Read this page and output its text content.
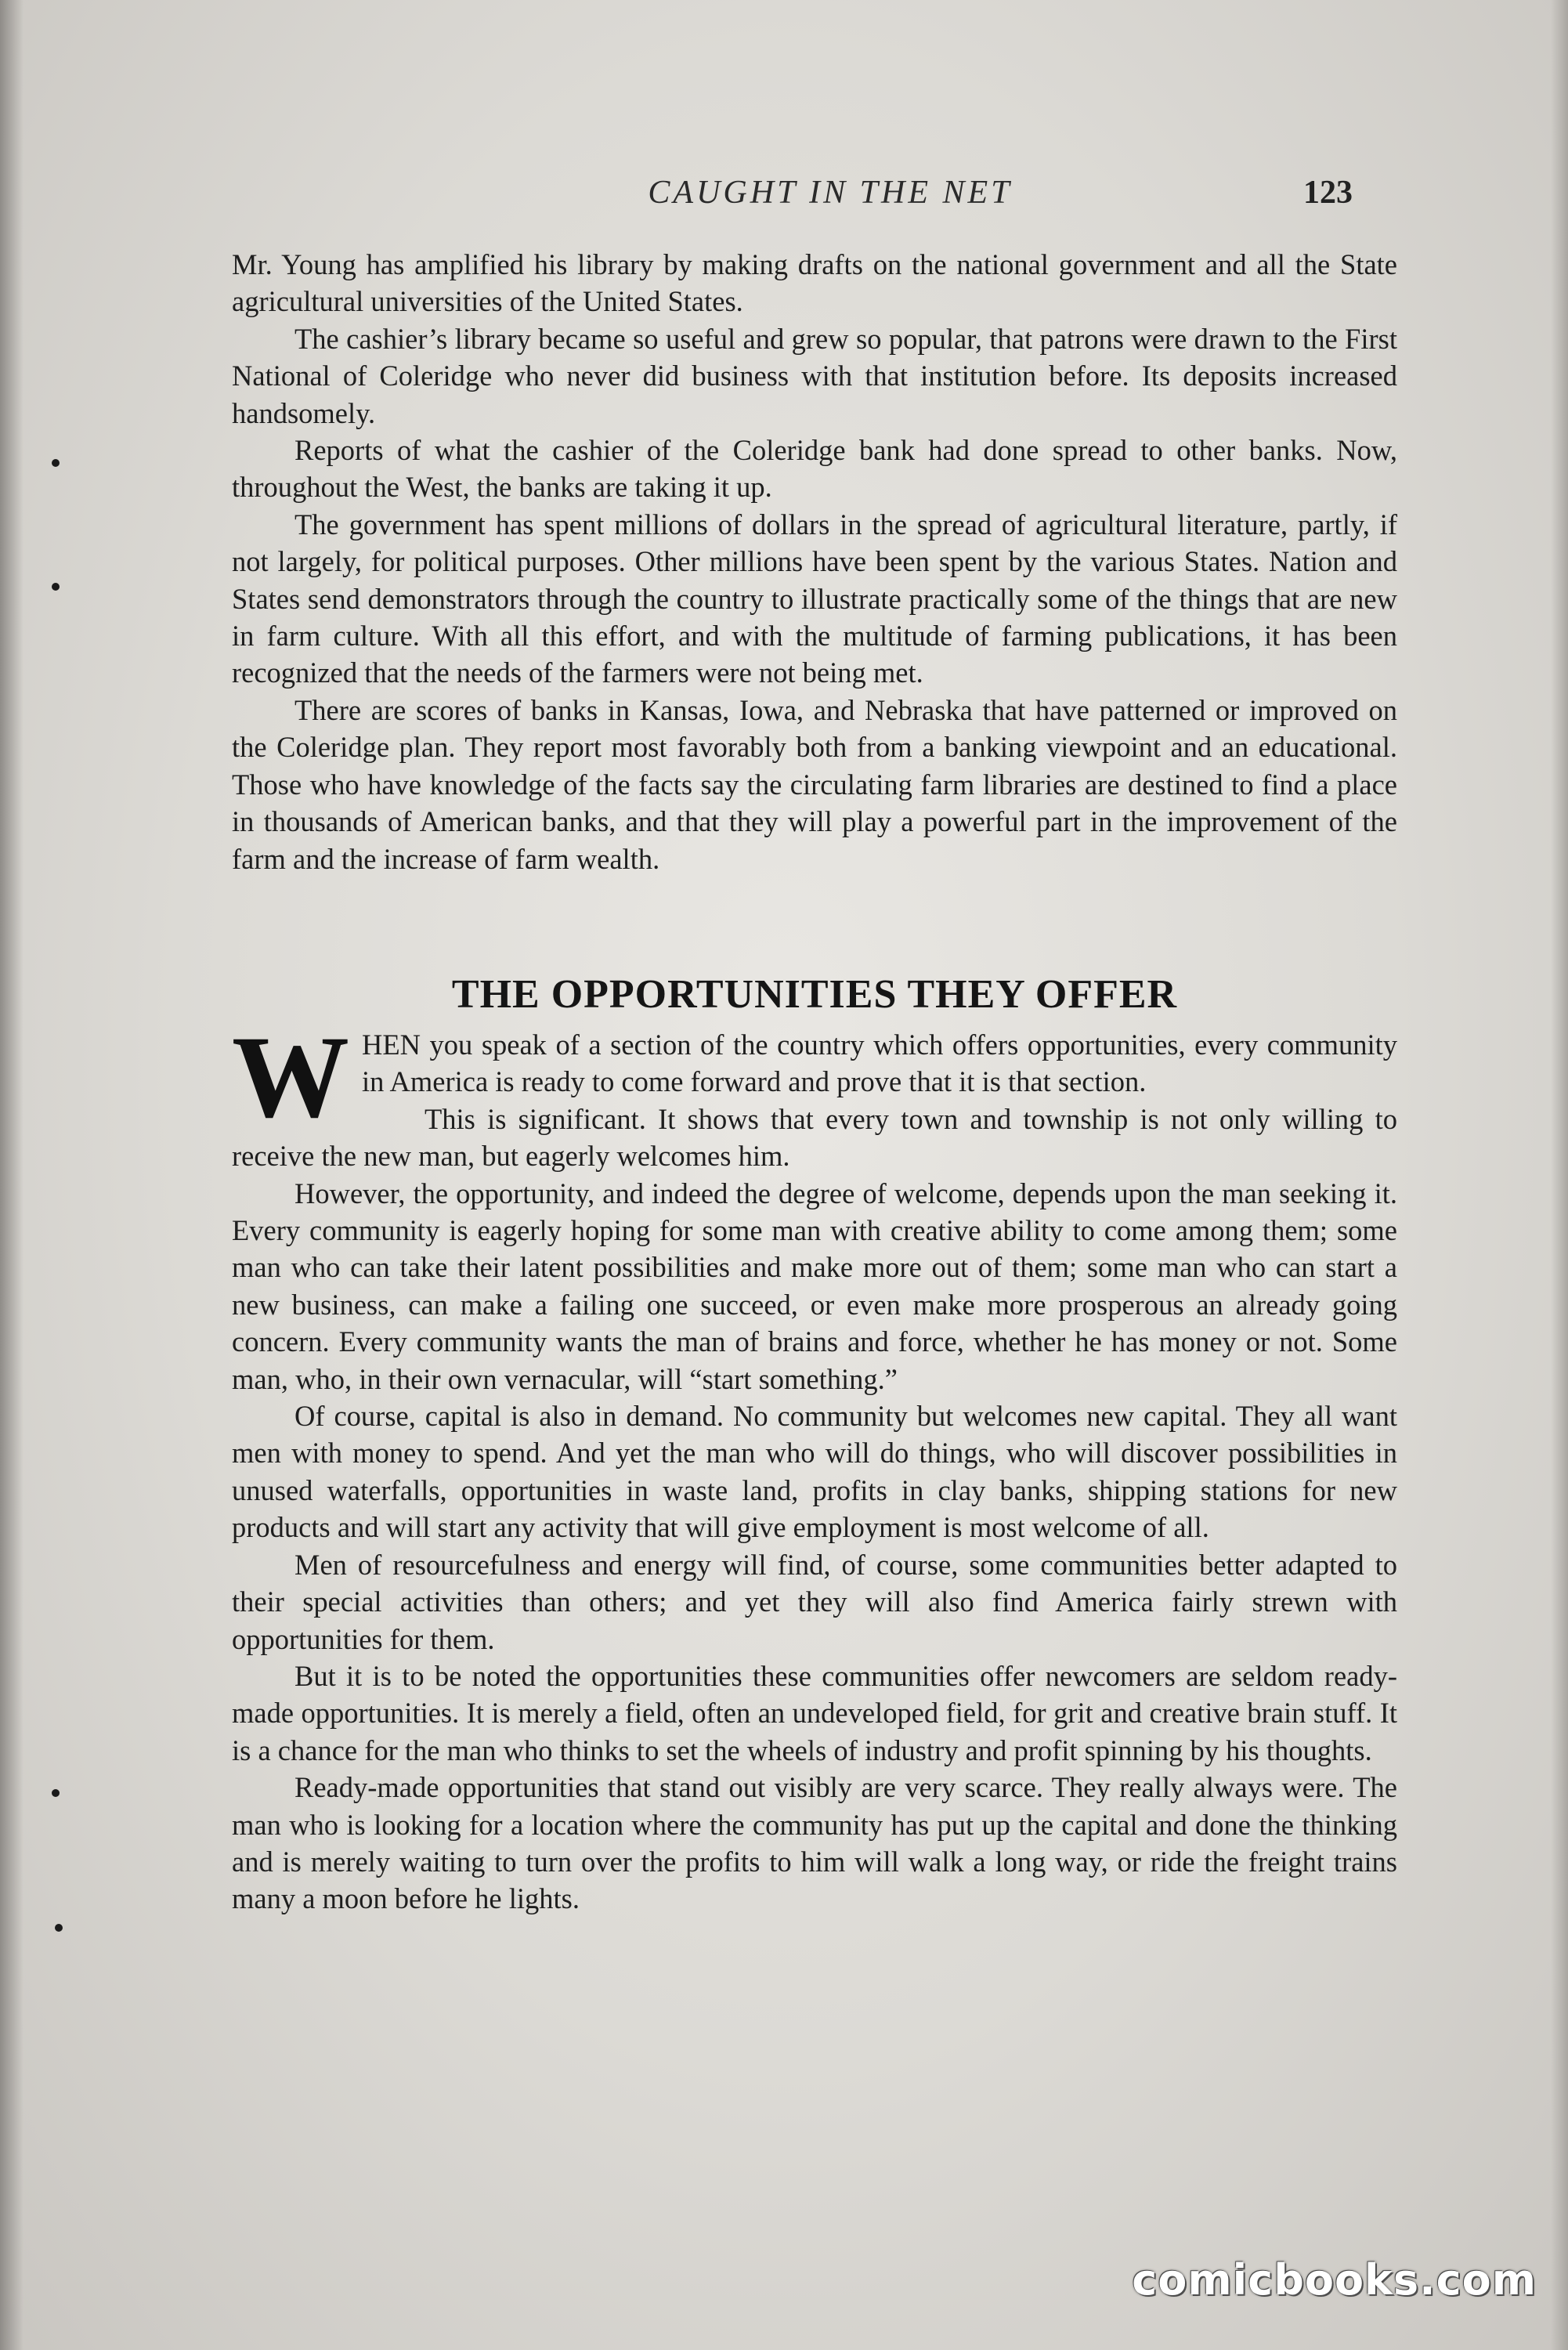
CAUGHT IN THE NET	123

Mr. Young has amplified his library by making drafts on the national government and all the State agricultural universities of the United States.

The cashier’s library became so useful and grew so popular, that patrons were drawn to the First National of Coleridge who never did business with that institution before. Its deposits increased handsomely.

Reports of what the cashier of the Coleridge bank had done spread to other banks. Now, throughout the West, the banks are taking it up.

The government has spent millions of dollars in the spread of agricultural literature, partly, if not largely, for political purposes. Other millions have been spent by the various States. Nation and States send demonstrators through the country to illustrate practically some of the things that are new in farm culture. With all this effort, and with the multitude of farming publications, it has been recognized that the needs of the farmers were not being met.

There are scores of banks in Kansas, Iowa, and Nebraska that have patterned or improved on the Coleridge plan. They report most favorably both from a banking viewpoint and an educational. Those who have knowledge of the facts say the circulating farm libraries are destined to find a place in thousands of American banks, and that they will play a powerful part in the improvement of the farm and the increase of farm wealth.

THE OPPORTUNITIES THEY OFFER

WHEN you speak of a section of the country which offers opportunities, every community in America is ready to come forward and prove that it is that section.

This is significant. It shows that every town and township is not only willing to receive the new man, but eagerly welcomes him.

However, the opportunity, and indeed the degree of welcome, depends upon the man seeking it. Every community is eagerly hoping for some man with creative ability to come among them; some man who can take their latent possibilities and make more out of them; some man who can start a new business, can make a failing one succeed, or even make more prosperous an already going concern. Every community wants the man of brains and force, whether he has money or not. Some man, who, in their own vernacular, will “start something.”

Of course, capital is also in demand. No community but welcomes new capital. They all want men with money to spend. And yet the man who will do things, who will discover possibilities in unused waterfalls, opportunities in waste land, profits in clay banks, shipping stations for new products and will start any activity that will give employment is most welcome of all.

Men of resourcefulness and energy will find, of course, some communities better adapted to their special activities than others; and yet they will also find America fairly strewn with opportunities for them.

But it is to be noted the opportunities these communities offer newcomers are seldom ready-made opportunities. It is merely a field, often an undeveloped field, for grit and creative brain stuff. It is a chance for the man who thinks to set the wheels of industry and profit spinning by his thoughts.

Ready-made opportunities that stand out visibly are very scarce. They really always were. The man who is looking for a location where the community has put up the capital and done the thinking and is merely waiting to turn over the profits to him will walk a long way, or ride the freight trains many a moon before he lights.

comicbooks.com
